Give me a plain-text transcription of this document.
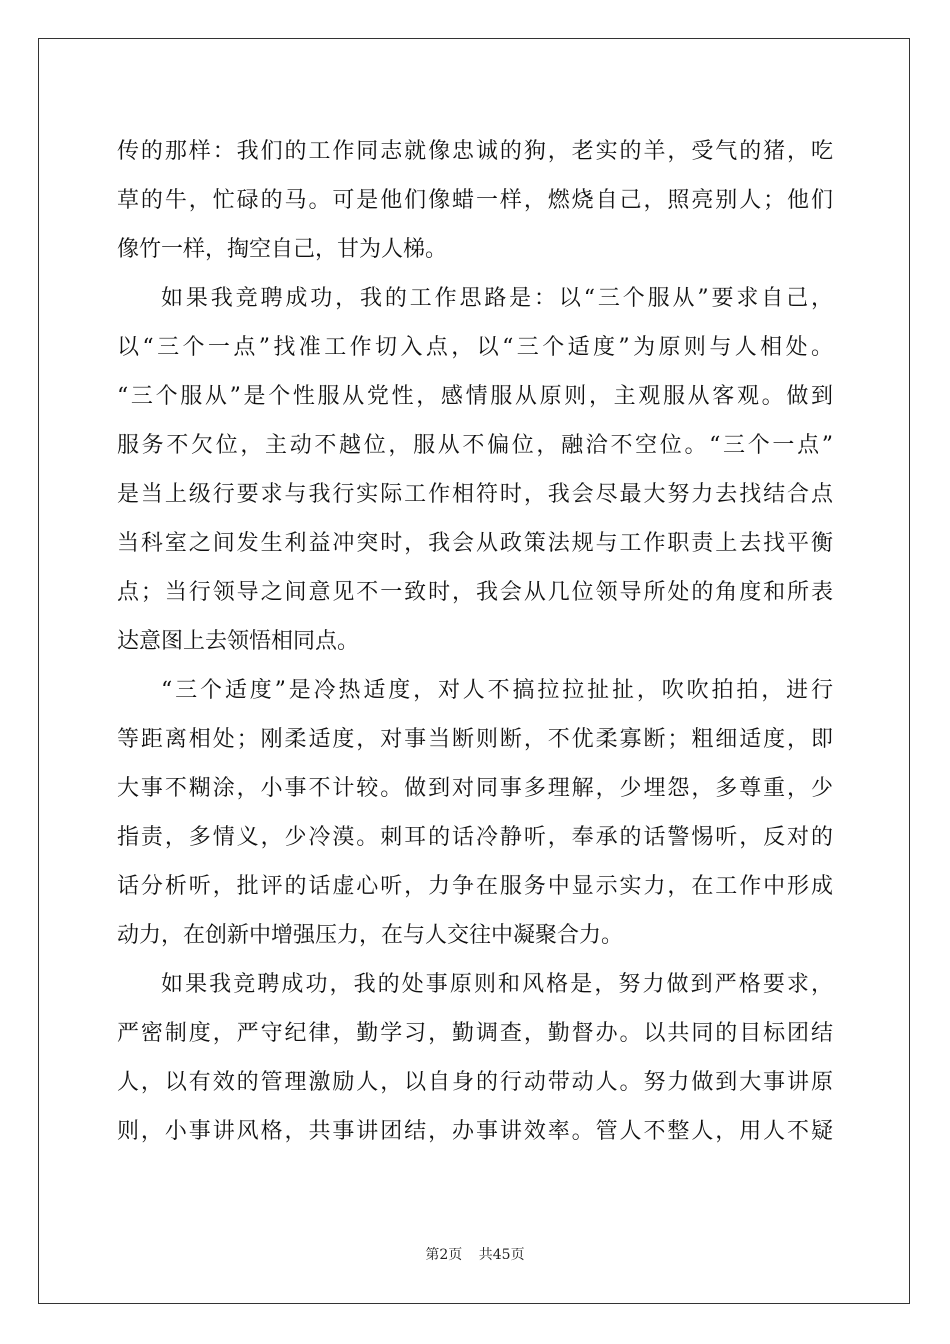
传的那样：我们的工作同志就像忠诚的狗，老实的羊，受气的猪，吃
草的牛，忙碌的马。可是他们像蜡一样，燃烧自己，照亮别人；他们
像竹一样，掏空自己，甘为人梯。
如果我竞聘成功，我的工作思路是：以“三个服从”要求自己，
以“三个一点”找准工作切入点，以“三个适度”为原则与人相处。
“三个服从”是个性服从党性，感情服从原则，主观服从客观。做到
服务不欠位，主动不越位，服从不偏位，融洽不空位。“三个一点”
是当上级行要求与我行实际工作相符时，我会尽最大努力去找结合点
当科室之间发生利益冲突时，我会从政策法规与工作职责上去找平衡
点；当行领导之间意见不一致时，我会从几位领导所处的角度和所表
达意图上去领悟相同点。
“三个适度”是冷热适度，对人不搞拉拉扯扯，吹吹拍拍，进行
等距离相处；刚柔适度，对事当断则断，不优柔寡断；粗细适度，即
大事不糊涂，小事不计较。做到对同事多理解，少埋怨，多尊重，少
指责，多情义，少冷漠。刺耳的话冷静听，奉承的话警惕听，反对的
话分析听，批评的话虚心听，力争在服务中显示实力，在工作中形成
动力，在创新中增强压力，在与人交往中凝聚合力。
如果我竞聘成功，我的处事原则和风格是，努力做到严格要求，
严密制度，严守纪律，勤学习，勤调查，勤督办。以共同的目标团结
人，以有效的管理激励人，以自身的行动带动人。努力做到大事讲原
则，小事讲风格，共事讲团结，办事讲效率。管人不整人，用人不疑
第2页 共45页
